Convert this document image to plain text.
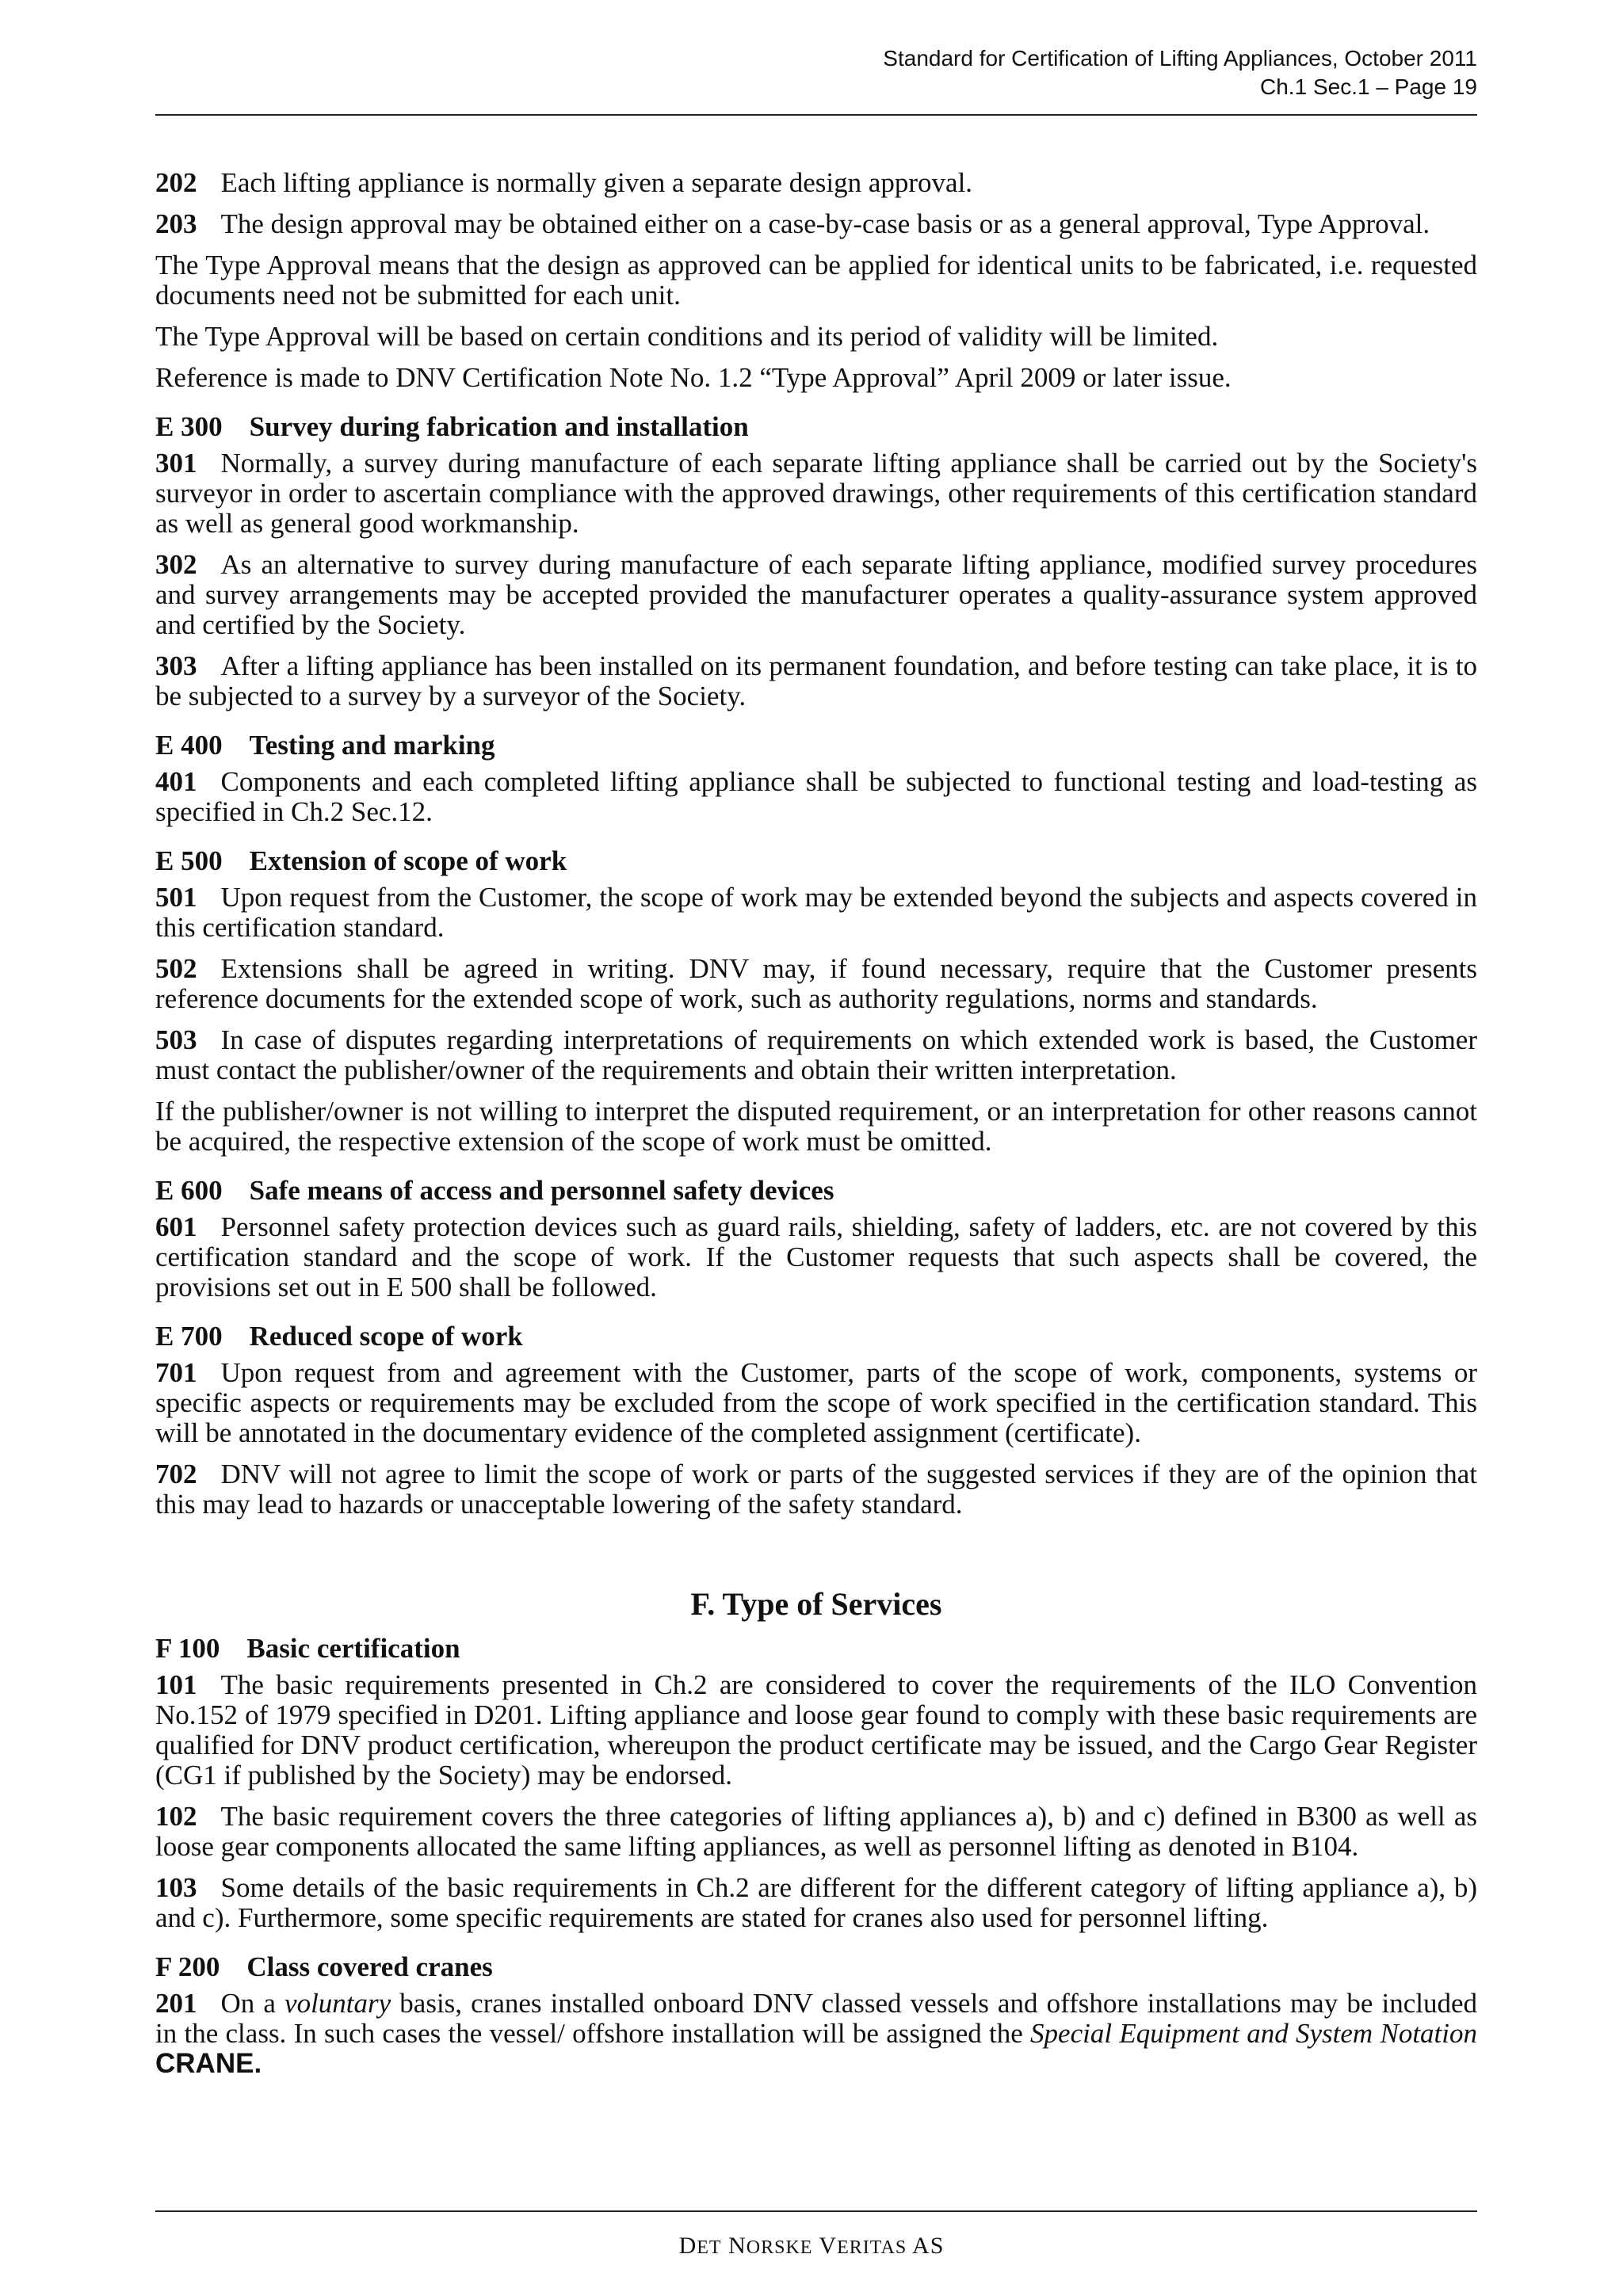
Standard for Certification of Lifting Appliances, October 2011
Ch.1 Sec.1 – Page 19

202 Each lifting appliance is normally given a separate design approval.

203 The design approval may be obtained either on a case-by-case basis or as a general approval, Type Approval.

The Type Approval means that the design as approved can be applied for identical units to be fabricated, i.e. requested documents need not be submitted for each unit.

The Type Approval will be based on certain conditions and its period of validity will be limited.

Reference is made to DNV Certification Note No. 1.2 “Type Approval” April 2009 or later issue.

E 300 Survey during fabrication and installation

301 Normally, a survey during manufacture of each separate lifting appliance shall be carried out by the Society's surveyor in order to ascertain compliance with the approved drawings, other requirements of this certification standard as well as general good workmanship.

302 As an alternative to survey during manufacture of each separate lifting appliance, modified survey procedures and survey arrangements may be accepted provided the manufacturer operates a quality-assurance system approved and certified by the Society.

303 After a lifting appliance has been installed on its permanent foundation, and before testing can take place, it is to be subjected to a survey by a surveyor of the Society.

E 400 Testing and marking

401 Components and each completed lifting appliance shall be subjected to functional testing and load-testing as specified in Ch.2 Sec.12.

E 500 Extension of scope of work

501 Upon request from the Customer, the scope of work may be extended beyond the subjects and aspects covered in this certification standard.

502 Extensions shall be agreed in writing. DNV may, if found necessary, require that the Customer presents reference documents for the extended scope of work, such as authority regulations, norms and standards.

503 In case of disputes regarding interpretations of requirements on which extended work is based, the Customer must contact the publisher/owner of the requirements and obtain their written interpretation.

If the publisher/owner is not willing to interpret the disputed requirement, or an interpretation for other reasons cannot be acquired, the respective extension of the scope of work must be omitted.

E 600 Safe means of access and personnel safety devices

601 Personnel safety protection devices such as guard rails, shielding, safety of ladders, etc. are not covered by this certification standard and the scope of work. If the Customer requests that such aspects shall be covered, the provisions set out in E 500 shall be followed.

E 700 Reduced scope of work

701 Upon request from and agreement with the Customer, parts of the scope of work, components, systems or specific aspects or requirements may be excluded from the scope of work specified in the certification standard. This will be annotated in the documentary evidence of the completed assignment (certificate).

702 DNV will not agree to limit the scope of work or parts of the suggested services if they are of the opinion that this may lead to hazards or unacceptable lowering of the safety standard.

F. Type of Services
F 100 Basic certification

101 The basic requirements presented in Ch.2 are considered to cover the requirements of the ILO Convention No.152 of 1979 specified in D201. Lifting appliance and loose gear found to comply with these basic requirements are qualified for DNV product certification, whereupon the product certificate may be issued, and the Cargo Gear Register (CG1 if published by the Society) may be endorsed.

102 The basic requirement covers the three categories of lifting appliances a), b) and c) defined in B300 as well as loose gear components allocated the same lifting appliances, as well as personnel lifting as denoted in B104.

103 Some details of the basic requirements in Ch.2 are different for the different category of lifting appliance a), b) and c). Furthermore, some specific requirements are stated for cranes also used for personnel lifting.

F 200 Class covered cranes

201 On a voluntary basis, cranes installed onboard DNV classed vessels and offshore installations may be included in the class. In such cases the vessel/ offshore installation will be assigned the Special Equipment and System Notation CRANE.

DET NORSKE VERITAS AS
